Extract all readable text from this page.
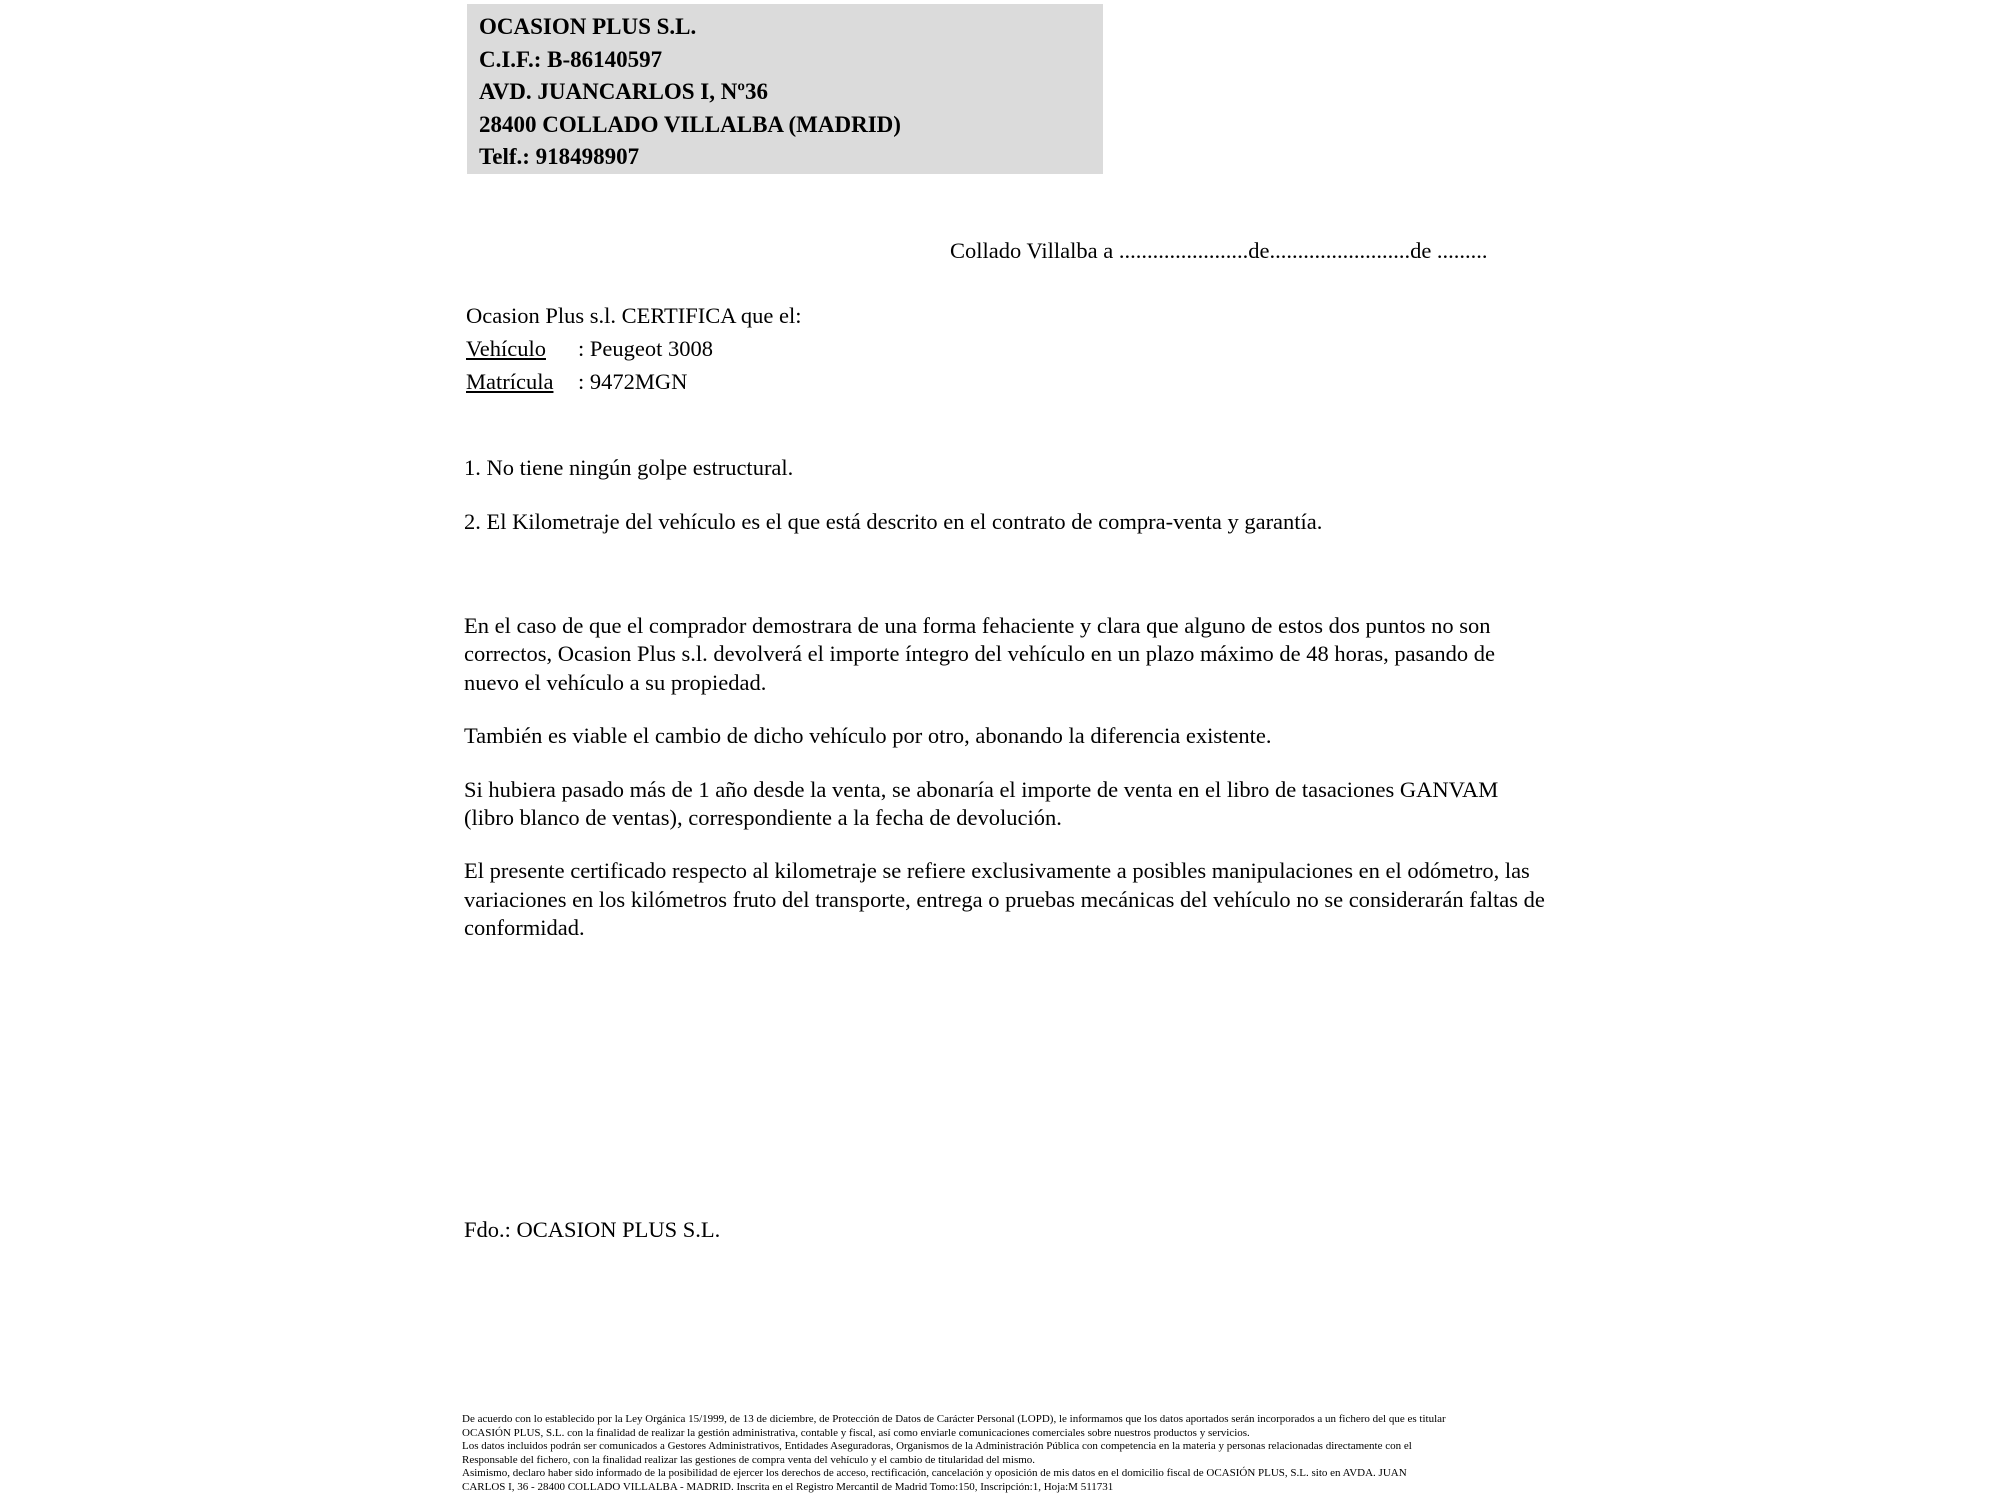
OCASION PLUS S.L.
C.I.F.: B-86140597
AVD. JUANCARLOS I, Nº36
28400 COLLADO VILLALBA (MADRID)
Telf.: 918498907
Collado Villalba a .......................de.........................de .........
Ocasion Plus s.l. CERTIFICA que el:
Vehículo : Peugeot 3008
Matrícula : 9472MGN
1. No tiene ningún golpe estructural.
2. El Kilometraje del vehículo es el que está descrito en el contrato de compra-venta y garantía.

En el caso de que el comprador demostrara de una forma fehaciente y clara que alguno de estos dos puntos no son correctos, Ocasion Plus s.l. devolverá el importe íntegro del vehículo en un plazo máximo de 48 horas, pasando de nuevo el vehículo a su propiedad.

También es viable el cambio de dicho vehículo por otro, abonando la diferencia existente.

Si hubiera pasado más de 1 año desde la venta, se abonaría el importe de venta en el libro de tasaciones GANVAM (libro blanco de ventas), correspondiente a la fecha de devolución.

El presente certificado respecto al kilometraje se refiere exclusivamente a posibles manipulaciones en el odómetro, las variaciones en los kilómetros fruto del transporte, entrega o pruebas mecánicas del vehículo no se considerarán faltas de conformidad.

Fdo.: OCASION PLUS S.L.
De acuerdo con lo establecido por la Ley Orgánica 15/1999, de 13 de diciembre, de Protección de Datos de Carácter Personal (LOPD), le informamos que los datos aportados serán incorporados a un fichero del que es titular
OCASIÓN PLUS, S.L. con la finalidad de realizar la gestión administrativa, contable y fiscal, así como enviarle comunicaciones comerciales sobre nuestros productos y servicios.
Los datos incluidos podrán ser comunicados a Gestores Administrativos, Entidades Aseguradoras, Organismos de la Administración Pública con competencia en la materia y personas relacionadas directamente con el
Responsable del fichero, con la finalidad realizar las gestiones de compra venta del vehículo y el cambio de titularidad del mismo.
Asimismo, declaro haber sido informado de la posibilidad de ejercer los derechos de acceso, rectificación, cancelación y oposición de mis datos en el domicilio fiscal de OCASIÓN PLUS, S.L. sito en AVDA. JUAN
CARLOS I, 36 - 28400 COLLADO VILLALBA - MADRID. Inscrita en el Registro Mercantil de Madrid Tomo:150, Inscripción:1, Hoja:M 511731
